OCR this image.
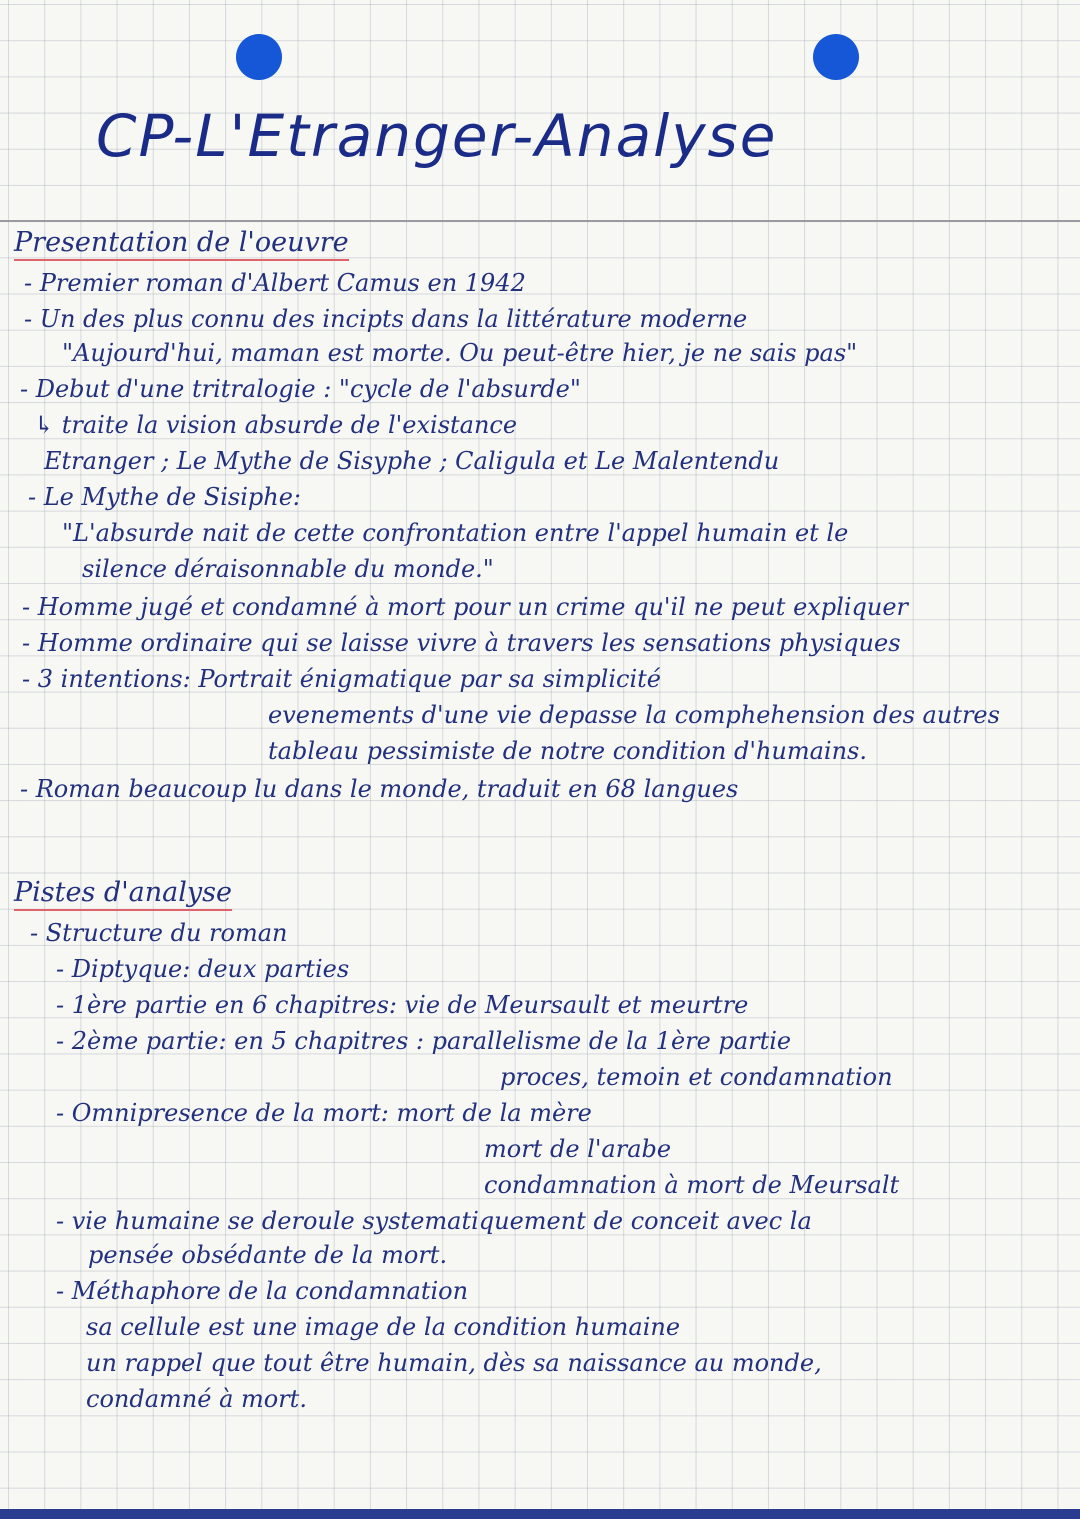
CP-L'Etranger-Analyse
Presentation de l'oeuvre
- Premier roman d'Albert Camus en 1942
- Un des plus connu des incipts dans la littérature moderne
"Aujourd'hui, maman est morte. Ou peut-être hier, je ne sais pas"
- Debut d'une tritralogie : "cycle de l'absurde"
↳ traite la vision absurde de l'existance
Etranger ; Le Mythe de Sisyphe ; Caligula et Le Malentendu
- Le Mythe de Sisiphe:
"L'absurde nait de cette confrontation entre l'appel humain et le
silence déraisonnable du monde."
- Homme jugé et condamné à mort pour un crime qu'il ne peut expliquer
- Homme ordinaire qui se laisse vivre à travers les sensations physiques
- 3 intentions: Portrait énigmatique par sa simplicité
evenements d'une vie depasse la comphehension des autres
tableau pessimiste de notre condition d'humains.
- Roman beaucoup lu dans le monde, traduit en 68 langues
Pistes d'analyse
- Structure du roman
- Diptyque: deux parties
- 1ère partie en 6 chapitres: vie de Meursault et meurtre
- 2ème partie: en 5 chapitres : parallelisme de la 1ère partie
proces, temoin et condamnation
- Omnipresence de la mort: mort de la mère
mort de l'arabe
condamnation à mort de Meursalt
- vie humaine se deroule systematiquement de conceit avec la
pensée obsédante de la mort.
- Méthaphore de la condamnation
sa cellule est une image de la condition humaine
un rappel que tout être humain, dès sa naissance au monde,
condamné à mort.
